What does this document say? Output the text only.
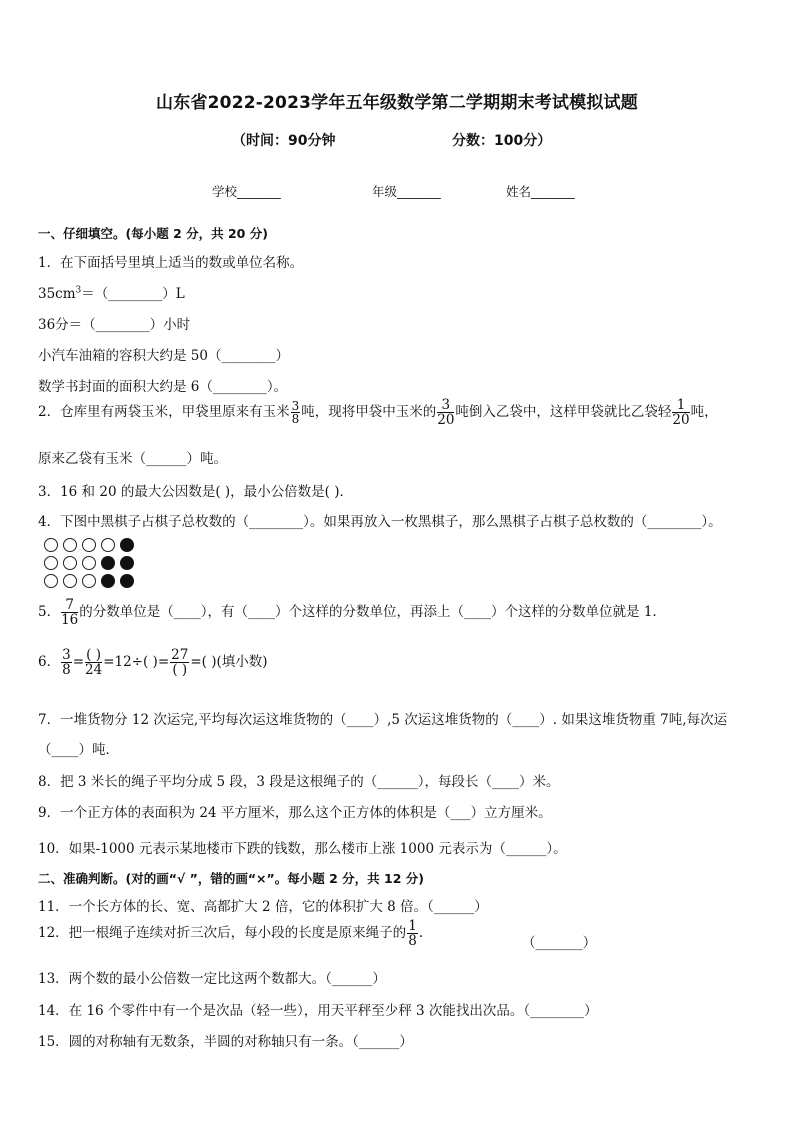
山东省2022-2023学年五年级数学第二学期期末考试模拟试题
（时间：90分钟	分数：100分）
学校_______	年级_______	姓名_______
一、仔细填空。(每小题 2 分，共 20 分)
1．在下面括号里填上适当的数或单位名称。
$35cm^3=(\_\_\_\_\_\_\_\_)L$
36分＝（________）小时
小汽车油箱的容积大约是 50（________）
数学书封面的面积大约是 6（________）。
2．仓库里有两袋玉米，甲袋里原来有玉米 $\frac{3}{8}$ 吨，现将甲袋中玉米的 $\frac{3}{20}$ 吨倒入乙袋中，这样甲袋就比乙袋轻 $\frac{1}{20}$ 吨，
原来乙袋有玉米（______）吨。
3．16 和 20 的最大公因数是( )，最小公倍数是( )．
4．下图中黑棋子占棋子总枚数的（________）。如果再放入一枚黑棋子，那么黑棋子占棋子总枚数的（________）。
5． $\frac{7}{16}$ 的分数单位是（____），有（____）个这样的分数单位，再添上（____）个这样的分数单位就是 1.
6． $\frac{3}{8} = \frac{( )}{24} =12\div$( )= $\frac{27}{( )}$ =( )(填小数)
7．一堆货物分 12 次运完,平均每次运这堆货物的（____）,5 次运这堆货物的（____）. 如果这堆货物重 7吨,每次运
（____）吨．
8．把 3 米长的绳子平均分成 5 段，3 段是这根绳子的（______），每段长（____）米。
9．一个正方体的表面积为 24 平方厘米，那么这个正方体的体积是（___）立方厘米。
10．如果-1000 元表示某地楼市下跌的钱数，那么楼市上涨 1000 元表示为（______）。
二、准确判断。(对的画“√ ”，错的画“×”。每小题 2 分，共 12 分)
11．一个长方体的长、宽、高都扩大 2 倍，它的体积扩大 8 倍。（______）
12．把一根绳子连续对折三次后，每小段的长度是原来绳子的 $\frac{1}{8}$ .
（_______）
13．两个数的最小公倍数一定比这两个数都大。（______）
14．在 16 个零件中有一个是次品（轻一些），用天平秤至少秤 3 次能找出次品。（________）
15．圆的对称轴有无数条，半圆的对称轴只有一条。（______）
